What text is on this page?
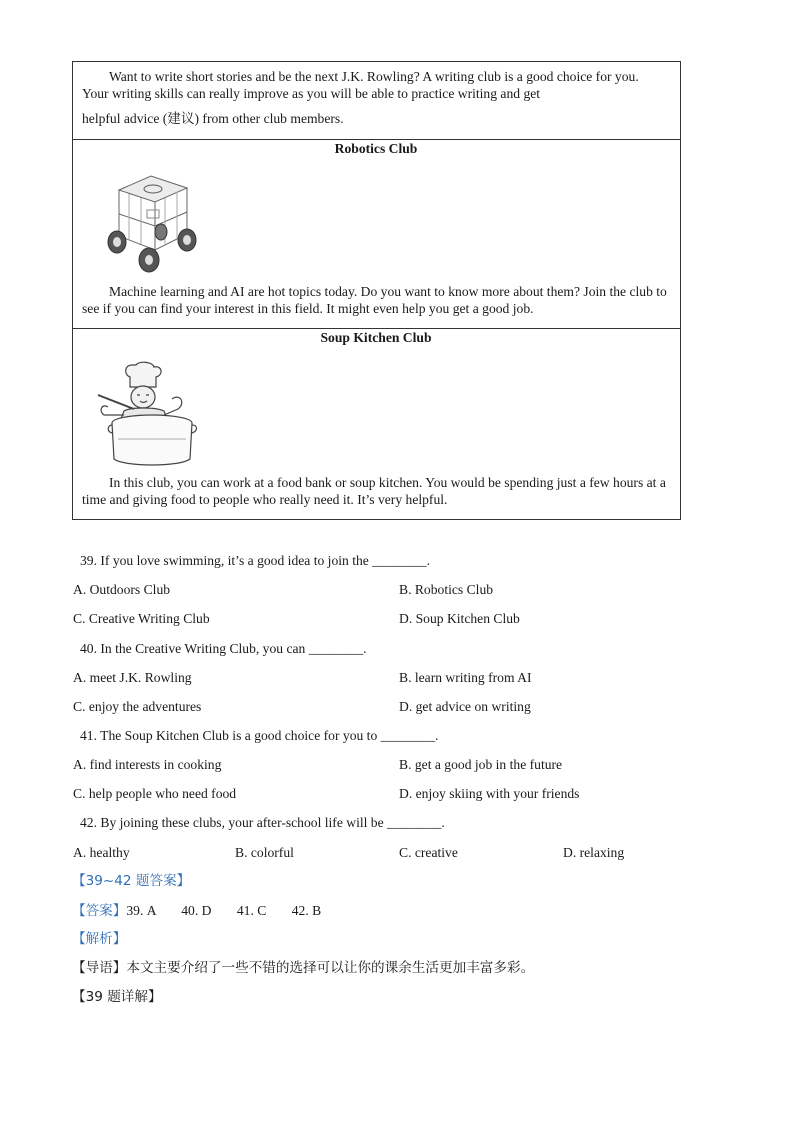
Want to write short stories and be the next J.K. Rowling? A writing club is a good choice for you.

Your writing skills can really improve as you will be able to practice writing and get

helpful advice (建议) from other club members.

Robotics Club

Machine learning and AI are hot topics today. Do you want to know more about them? Join the club to see if you can find your interest in this field. It might even help you get a good job.

Soup Kitchen Club

In this club, you can work at a food bank or soup kitchen. You would be spending just a few hours at a time and giving food to people who really need it. It’s very helpful.

39. If you love swimming, it’s a good idea to join the ________.
A. Outdoors Club	B. Robotics Club
C. Creative Writing Club	D. Soup Kitchen Club
40. In the Creative Writing Club, you can ________.
A. meet J.K. Rowling	B. learn writing from AI
C. enjoy the adventures	D. get advice on writing
41. The Soup Kitchen Club is a good choice for you to ________.
A. find interests in cooking	B. get a good job in the future
C. help people who need food	D. enjoy skiing with your friends
42. By joining these clubs, your after-school life will be ________.
A. healthy	B. colorful	C. creative	D. relaxing
【39~42 题答案】
【答案】39. A 40. D 41. C 42. B
【解析】
【导语】本文主要介绍了一些不错的选择可以让你的课余生活更加丰富多彩。
【39 题详解】
